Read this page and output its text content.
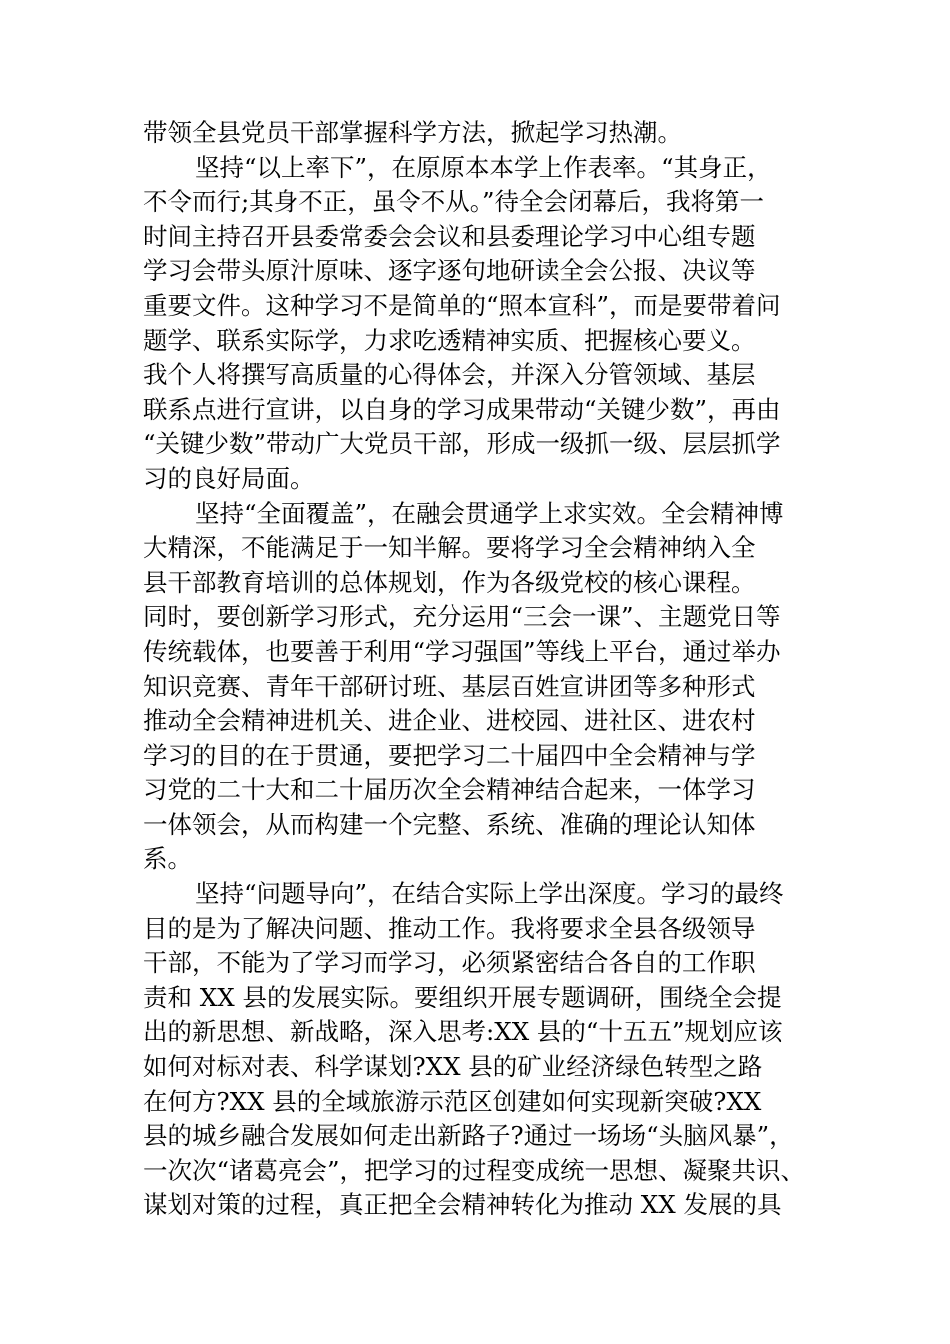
带领全县党员干部掌握科学方法，掀起学习热潮。
坚持“以上率下”，在原原本本学上作表率。“其身正，
不令而行;其身不正，虽令不从。”待全会闭幕后，我将第一
时间主持召开县委常委会会议和县委理论学习中心组专题
学习会带头原汁原味、逐字逐句地研读全会公报、决议等
重要文件。这种学习不是简单的“照本宣科”，而是要带着问
题学、联系实际学，力求吃透精神实质、把握核心要义。
我个人将撰写高质量的心得体会，并深入分管领域、基层
联系点进行宣讲，以自身的学习成果带动“关键少数”，再由
“关键少数”带动广大党员干部，形成一级抓一级、层层抓学
习的良好局面。
坚持“全面覆盖”，在融会贯通学上求实效。全会精神博
大精深，不能满足于一知半解。要将学习全会精神纳入全
县干部教育培训的总体规划，作为各级党校的核心课程。
同时，要创新学习形式，充分运用“三会一课”、主题党日等
传统载体，也要善于利用“学习强国”等线上平台，通过举办
知识竞赛、青年干部研讨班、基层百姓宣讲团等多种形式
推动全会精神进机关、进企业、进校园、进社区、进农村
学习的目的在于贯通，要把学习二十届四中全会精神与学
习党的二十大和二十届历次全会精神结合起来，一体学习
一体领会，从而构建一个完整、系统、准确的理论认知体
系。
坚持“问题导向”，在结合实际上学出深度。学习的最终
目的是为了解决问题、推动工作。我将要求全县各级领导
干部，不能为了学习而学习，必须紧密结合各自的工作职
责和 XX 县的发展实际。要组织开展专题调研，围绕全会提
出的新思想、新战略，深入思考:XX 县的“十五五”规划应该
如何对标对表、科学谋划?XX 县的矿业经济绿色转型之路
在何方?XX 县的全域旅游示范区创建如何实现新突破?XX
县的城乡融合发展如何走出新路子?通过一场场“头脑风暴”，
一次次“诸葛亮会”，把学习的过程变成统一思想、凝聚共识、
谋划对策的过程，真正把全会精神转化为推动 XX 发展的具
